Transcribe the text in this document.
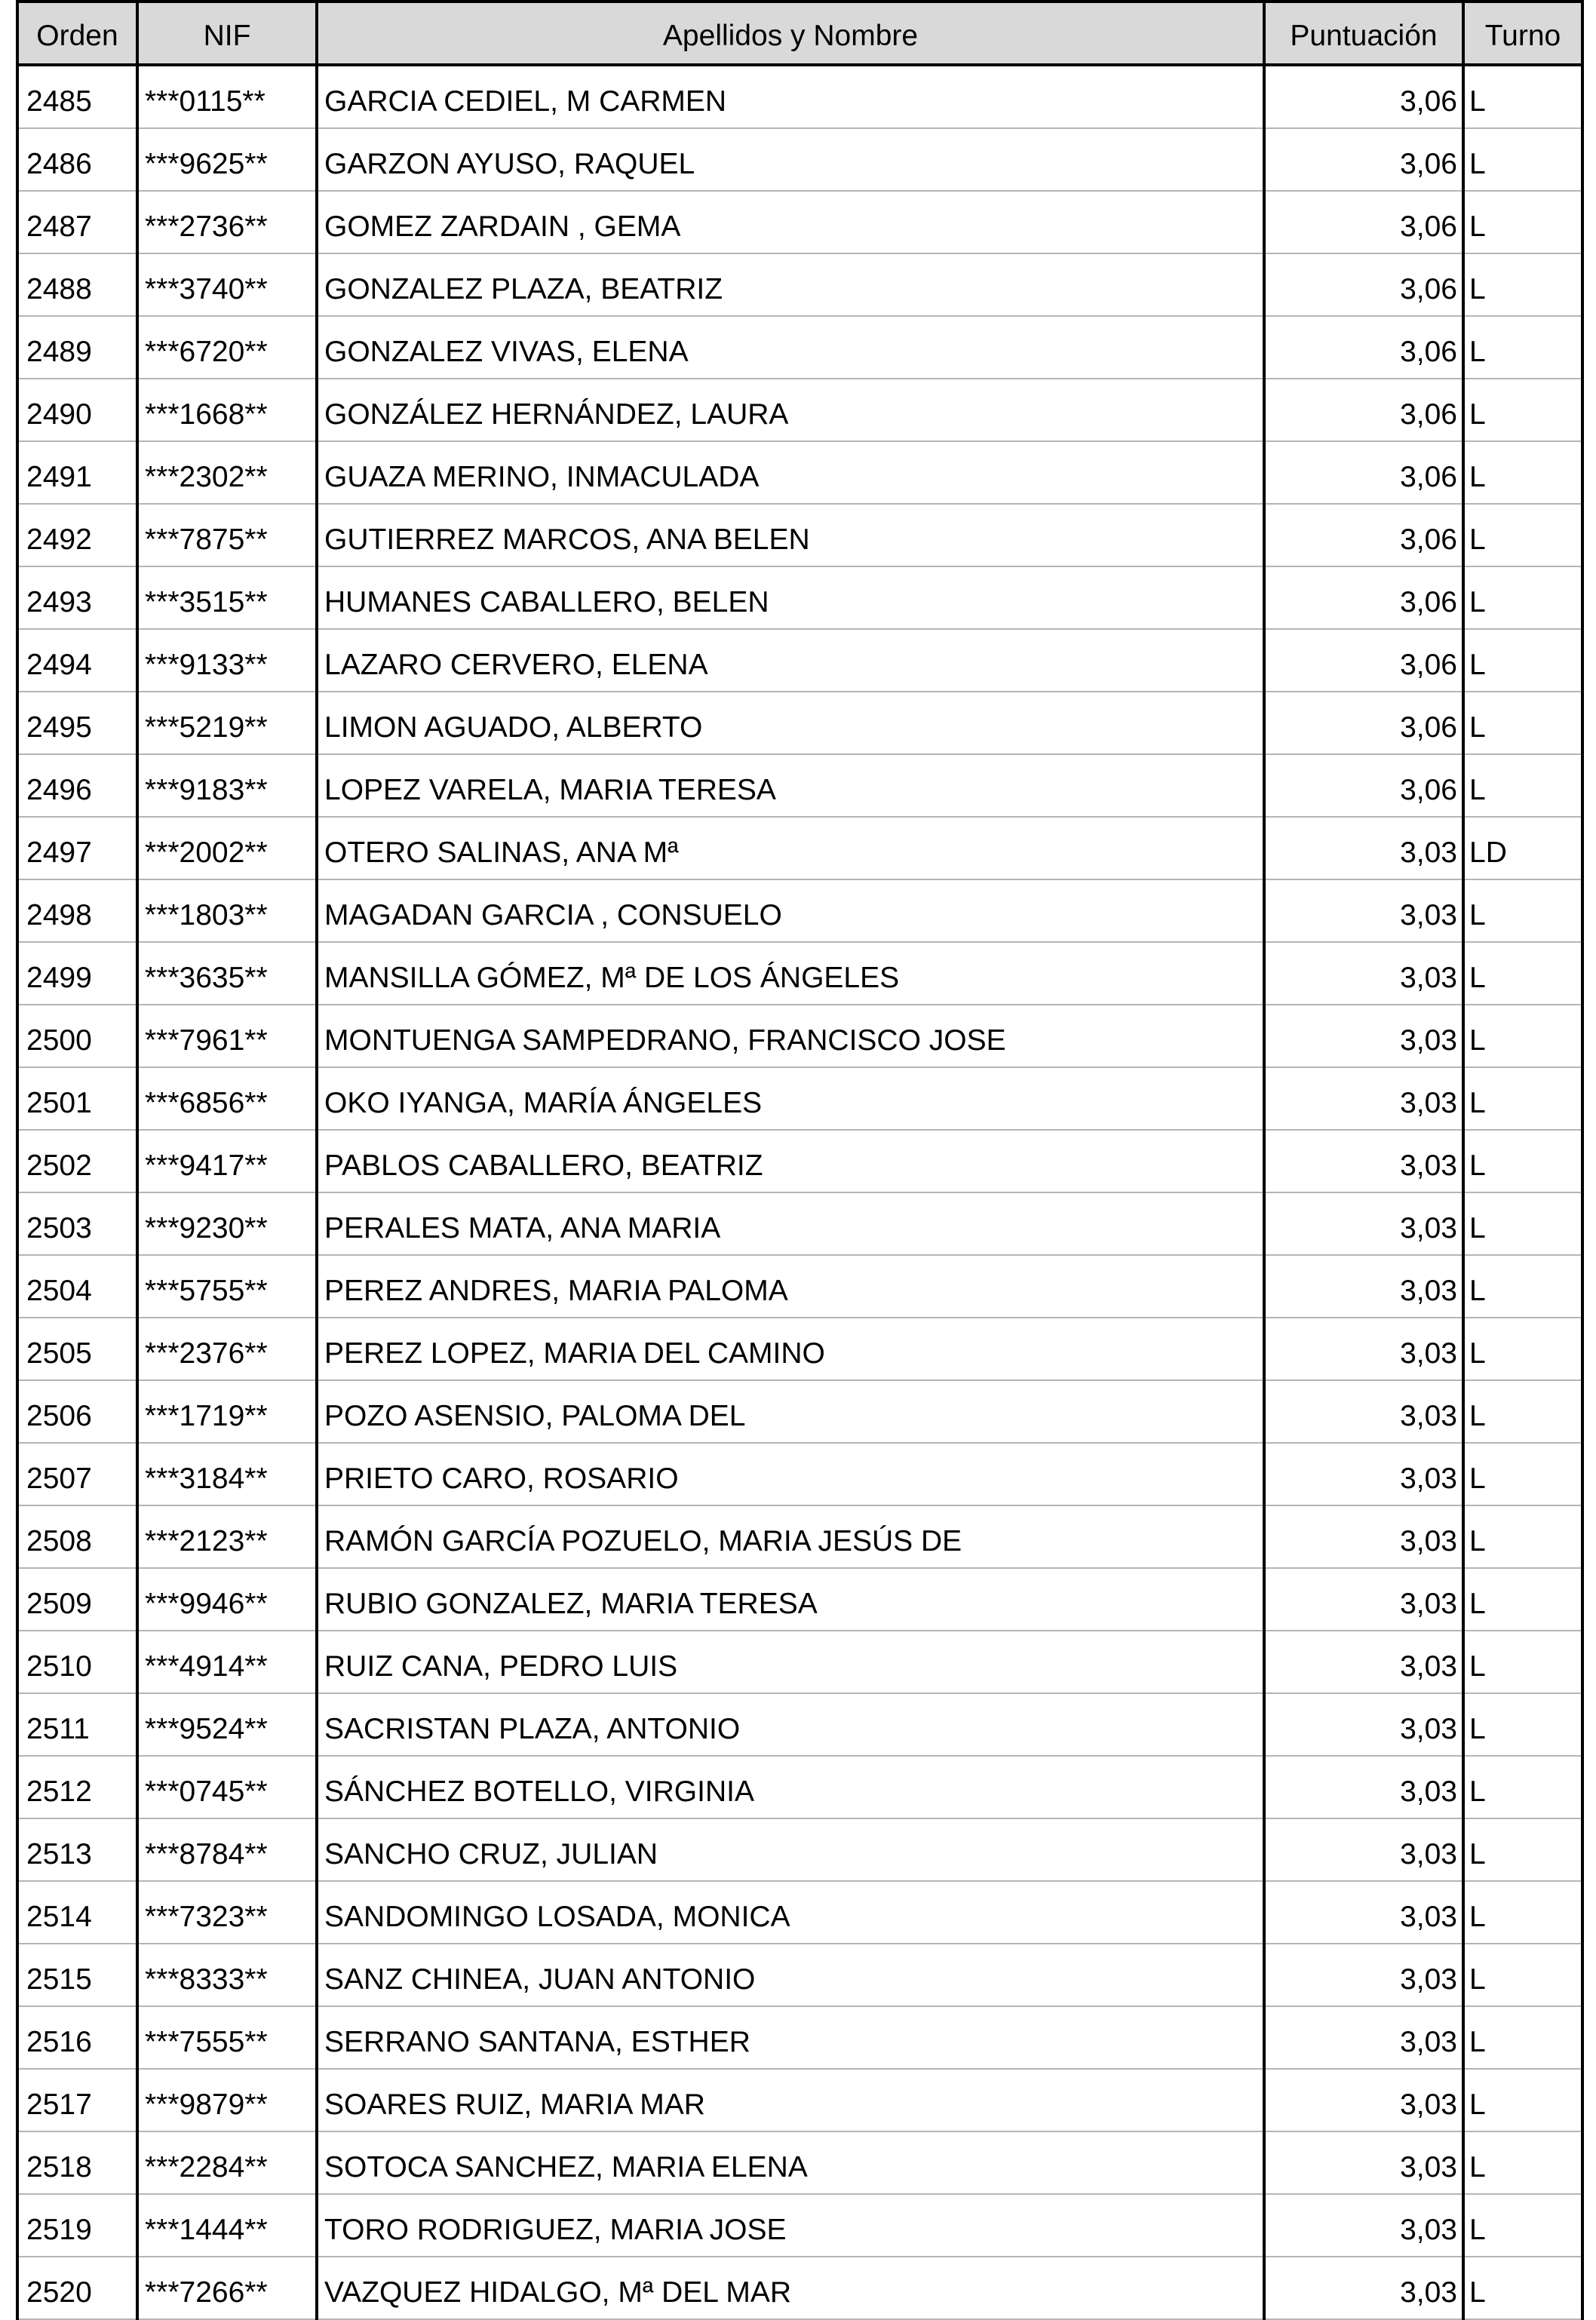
Orden	NIF	Apellidos y Nombre	Puntuación	Turno
2485	***0115**	GARCIA CEDIEL, M CARMEN	3,06	L
2486	***9625**	GARZON AYUSO, RAQUEL	3,06	L
2487	***2736**	GOMEZ ZARDAIN , GEMA	3,06	L
2488	***3740**	GONZALEZ PLAZA, BEATRIZ	3,06	L
2489	***6720**	GONZALEZ VIVAS, ELENA	3,06	L
2490	***1668**	GONZÁLEZ HERNÁNDEZ, LAURA	3,06	L
2491	***2302**	GUAZA MERINO, INMACULADA	3,06	L
2492	***7875**	GUTIERREZ MARCOS, ANA BELEN	3,06	L
2493	***3515**	HUMANES CABALLERO, BELEN	3,06	L
2494	***9133**	LAZARO CERVERO, ELENA	3,06	L
2495	***5219**	LIMON AGUADO, ALBERTO	3,06	L
2496	***9183**	LOPEZ VARELA, MARIA TERESA	3,06	L
2497	***2002**	OTERO SALINAS, ANA Mª	3,03	LD
2498	***1803**	MAGADAN GARCIA , CONSUELO	3,03	L
2499	***3635**	MANSILLA GÓMEZ, Mª DE LOS ÁNGELES	3,03	L
2500	***7961**	MONTUENGA SAMPEDRANO, FRANCISCO JOSE	3,03	L
2501	***6856**	OKO IYANGA, MARÍA ÁNGELES	3,03	L
2502	***9417**	PABLOS CABALLERO, BEATRIZ	3,03	L
2503	***9230**	PERALES MATA, ANA MARIA	3,03	L
2504	***5755**	PEREZ ANDRES, MARIA PALOMA	3,03	L
2505	***2376**	PEREZ LOPEZ, MARIA DEL CAMINO	3,03	L
2506	***1719**	POZO ASENSIO, PALOMA DEL	3,03	L
2507	***3184**	PRIETO CARO, ROSARIO	3,03	L
2508	***2123**	RAMÓN GARCÍA POZUELO, MARIA JESÚS DE	3,03	L
2509	***9946**	RUBIO GONZALEZ, MARIA TERESA	3,03	L
2510	***4914**	RUIZ CANA, PEDRO LUIS	3,03	L
2511	***9524**	SACRISTAN PLAZA, ANTONIO	3,03	L
2512	***0745**	SÁNCHEZ BOTELLO, VIRGINIA	3,03	L
2513	***8784**	SANCHO CRUZ, JULIAN	3,03	L
2514	***7323**	SANDOMINGO LOSADA, MONICA	3,03	L
2515	***8333**	SANZ CHINEA, JUAN ANTONIO	3,03	L
2516	***7555**	SERRANO SANTANA, ESTHER	3,03	L
2517	***9879**	SOARES RUIZ, MARIA MAR	3,03	L
2518	***2284**	SOTOCA SANCHEZ, MARIA ELENA	3,03	L
2519	***1444**	TORO RODRIGUEZ, MARIA JOSE	3,03	L
2520	***7266**	VAZQUEZ HIDALGO, Mª DEL MAR	3,03	L
